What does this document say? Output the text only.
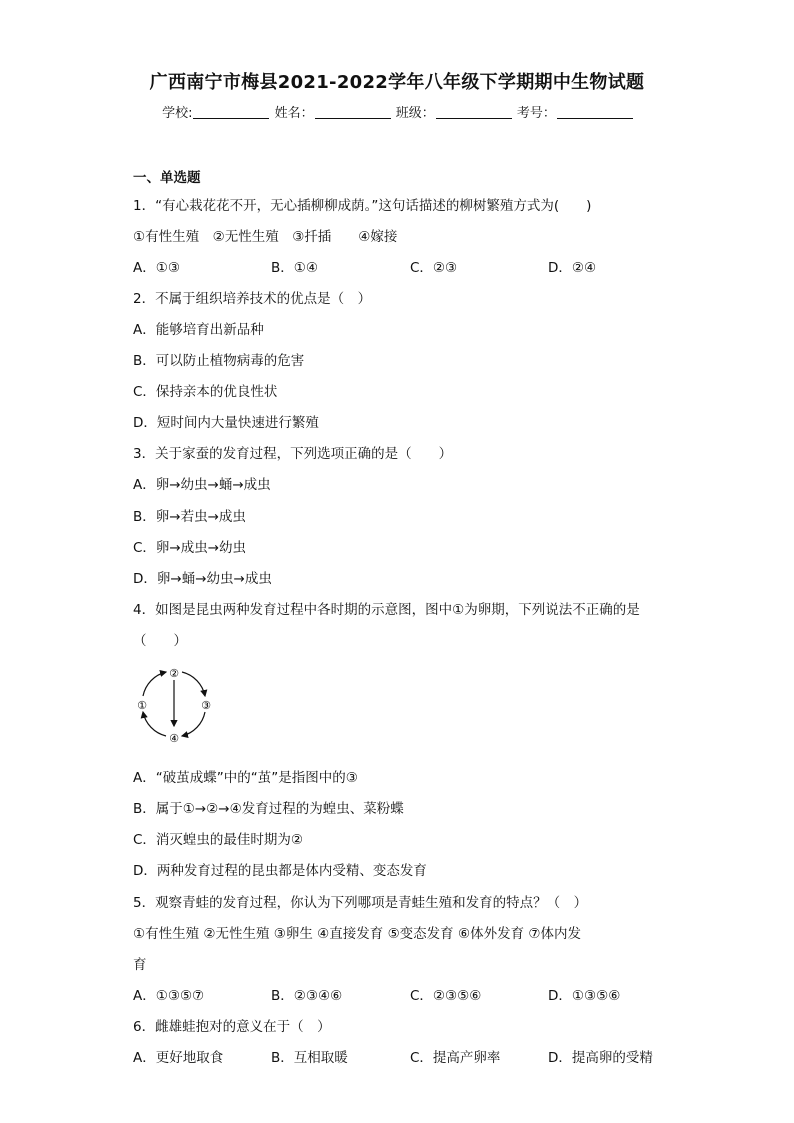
广西南宁市梅县2021-2022学年八年级下学期期中生物试题
学校:	姓名：	班级：	考号：
一、单选题
1．“有心栽花花不开，无心插柳柳成荫。”这句话描述的柳树繁殖方式为(　　)
①有性生殖　②无性生殖　③扦插　　④嫁接
A．①③	B．①④	C．②③	D．②④
2．不属于组织培养技术的优点是（　）
A．能够培育出新品种
B．可以防止植物病毒的危害
C．保持亲本的优良性状
D．短时间内大量快速进行繁殖
3．关于家蚕的发育过程，下列选项正确的是（　　）
A．卵→幼虫→蛹→成虫
B．卵→若虫→成虫
C．卵→成虫→幼虫
D．卵→蛹→幼虫→成虫
4．如图是昆虫两种发育过程中各时期的示意图，图中①为卵期，下列说法不正确的是
（　　）
①
②
③
④
A．“破茧成蝶”中的“茧”是指图中的③
B．属于①→②→④发育过程的为蝗虫、菜粉蝶
C．消灭蝗虫的最佳时期为②
D．两种发育过程的昆虫都是体内受精、变态发育
5．观察青蛙的发育过程，你认为下列哪项是青蛙生殖和发育的特点？（　）
①有性生殖 ②无性生殖 ③卵生 ④直接发育 ⑤变态发育 ⑥体外发育 ⑦体内发
育
A．①③⑤⑦	B．②③④⑥	C．②③⑤⑥	D．①③⑤⑥
6．雌雄蛙抱对的意义在于（　）
A．更好地取食	B．互相取暖	C．提高产卵率	D．提高卵的受精
